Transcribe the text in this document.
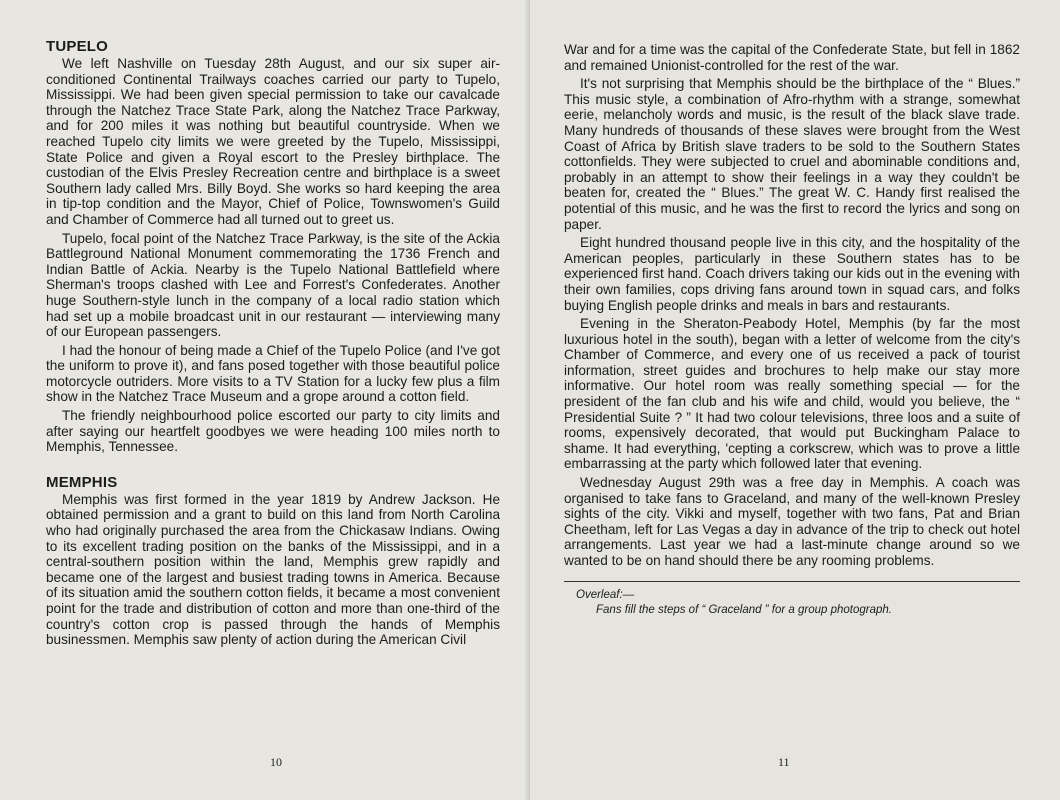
TUPELO

We left Nashville on Tuesday 28th August, and our six super air-conditioned Continental Trailways coaches carried our party to Tupelo, Mississippi. We had been given special permission to take our cavalcade through the Natchez Trace State Park, along the Natchez Trace Parkway, and for 200 miles it was nothing but beautiful countryside. When we reached Tupelo city limits we were greeted by the Tupelo, Mississippi, State Police and given a Royal escort to the Presley birthplace. The custodian of the Elvis Presley Recreation centre and birthplace is a sweet Southern lady called Mrs. Billy Boyd. She works so hard keeping the area in tip-top condition and the Mayor, Chief of Police, Townswomen's Guild and Chamber of Commerce had all turned out to greet us.

Tupelo, focal point of the Natchez Trace Parkway, is the site of the Ackia Battleground National Monument commemorating the 1736 French and Indian Battle of Ackia. Nearby is the Tupelo National Battlefield where Sherman's troops clashed with Lee and Forrest's Confederates. Another huge Southern-style lunch in the company of a local radio station which had set up a mobile broadcast unit in our restaurant — interviewing many of our European passengers.

I had the honour of being made a Chief of the Tupelo Police (and I've got the uniform to prove it), and fans posed together with those beautiful police motorcycle outriders. More visits to a TV Station for a lucky few plus a film show in the Natchez Trace Museum and a grope around a cotton field.

The friendly neighbourhood police escorted our party to city limits and after saying our heartfelt goodbyes we were heading 100 miles north to Memphis, Tennessee.

MEMPHIS

Memphis was first formed in the year 1819 by Andrew Jackson. He obtained permission and a grant to build on this land from North Carolina who had originally purchased the area from the Chickasaw Indians. Owing to its excellent trading position on the banks of the Mississippi, and in a central-southern position within the land, Memphis grew rapidly and became one of the largest and busiest trading towns in America. Because of its situation amid the southern cotton fields, it became a most convenient point for the trade and distribution of cotton and more than one-third of the country's cotton crop is passed through the hands of Memphis businessmen. Memphis saw plenty of action during the American Civil

10

War and for a time was the capital of the Confederate State, but fell in 1862 and remained Unionist-controlled for the rest of the war.

It's not surprising that Memphis should be the birthplace of the “ Blues.” This music style, a combination of Afro-rhythm with a strange, somewhat eerie, melancholy words and music, is the result of the black slave trade. Many hundreds of thousands of these slaves were brought from the West Coast of Africa by British slave traders to be sold to the Southern States cottonfields. They were subjected to cruel and abominable conditions and, probably in an attempt to show their feelings in a way they couldn't be beaten for, created the “ Blues.” The great W. C. Handy first realised the potential of this music, and he was the first to record the lyrics and song on paper.

Eight hundred thousand people live in this city, and the hospitality of the American peoples, particularly in these Southern states has to be experienced first hand. Coach drivers taking our kids out in the evening with their own families, cops driving fans around town in squad cars, and folks buying English people drinks and meals in bars and restaurants.

Evening in the Sheraton-Peabody Hotel, Memphis (by far the most luxurious hotel in the south), began with a letter of welcome from the city's Chamber of Commerce, and every one of us received a pack of tourist information, street guides and brochures to help make our stay more informative. Our hotel room was really something special — for the president of the fan club and his wife and child, would you believe, the “ Presidential Suite ? ” It had two colour televisions, three loos and a suite of rooms, expensively decorated, that would put Buckingham Palace to shame. It had everything, 'cepting a corkscrew, which was to prove a little embarrassing at the party which followed later that evening.

Wednesday August 29th was a free day in Memphis. A coach was organised to take fans to Graceland, and many of the well-known Presley sights of the city. Vikki and myself, together with two fans, Pat and Brian Cheetham, left for Las Vegas a day in advance of the trip to check out hotel arrangements. Last year we had a last-minute change around so we wanted to be on hand should there be any rooming problems.

Overleaf:—
Fans fill the steps of “ Graceland ” for a group photograph.
11
